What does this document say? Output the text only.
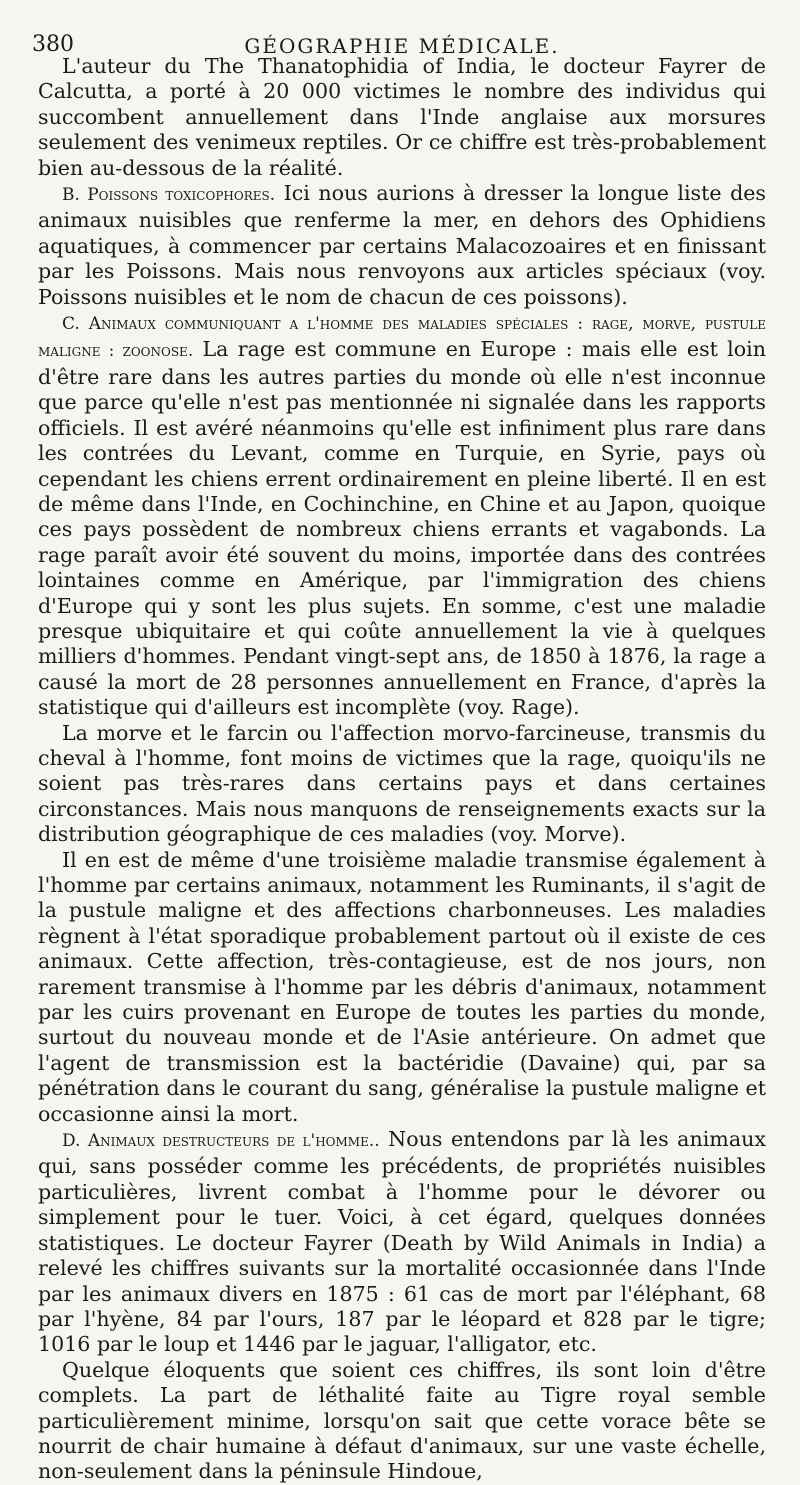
380	GÉOGRAPHIE MÉDICALE.

L'auteur du The Thanatophidia of India, le docteur Fayrer de Calcutta, a porté à 20 000 victimes le nombre des individus qui succombent annuellement dans l'Inde anglaise aux morsures seulement des venimeux reptiles. Or ce chiffre est très-probablement bien au-dessous de la réalité.

B. Poissons toxicophores. Ici nous aurions à dresser la longue liste des animaux nuisibles que renferme la mer, en dehors des Ophidiens aquatiques, à commencer par certains Malacozoaires et en finissant par les Poissons. Mais nous renvoyons aux articles spéciaux (voy. Poissons nuisibles et le nom de chacun de ces poissons).

C. Animaux communiquant a l'homme des maladies spéciales : rage, morve, pustule maligne : zoonose. La rage est commune en Europe : mais elle est loin d'être rare dans les autres parties du monde où elle n'est inconnue que parce qu'elle n'est pas mentionnée ni signalée dans les rapports officiels. Il est avéré néanmoins qu'elle est infiniment plus rare dans les contrées du Levant, comme en Turquie, en Syrie, pays où cependant les chiens errent ordinairement en pleine liberté. Il en est de même dans l'Inde, en Cochinchine, en Chine et au Japon, quoique ces pays possèdent de nombreux chiens errants et vagabonds. La rage paraît avoir été souvent du moins, importée dans des contrées lointaines comme en Amérique, par l'immigration des chiens d'Europe qui y sont les plus sujets. En somme, c'est une maladie presque ubiquitaire et qui coûte annuellement la vie à quelques milliers d'hommes. Pendant vingt-sept ans, de 1850 à 1876, la rage a causé la mort de 28 personnes annuellement en France, d'après la statistique qui d'ailleurs est incomplète (voy. Rage).

La morve et le farcin ou l'affection morvo-farcineuse, transmis du cheval à l'homme, font moins de victimes que la rage, quoiqu'ils ne soient pas très-rares dans certains pays et dans certaines circonstances. Mais nous manquons de renseignements exacts sur la distribution géographique de ces maladies (voy. Morve).

Il en est de même d'une troisième maladie transmise également à l'homme par certains animaux, notamment les Ruminants, il s'agit de la pustule maligne et des affections charbonneuses. Les maladies règnent à l'état sporadique probablement partout où il existe de ces animaux. Cette affection, très-contagieuse, est de nos jours, non rarement transmise à l'homme par les débris d'animaux, notamment par les cuirs provenant en Europe de toutes les parties du monde, surtout du nouveau monde et de l'Asie antérieure. On admet que l'agent de transmission est la bactéridie (Davaine) qui, par sa pénétration dans le courant du sang, généralise la pustule maligne et occasionne ainsi la mort.

D. Animaux destructeurs de l'homme.. Nous entendons par là les animaux qui, sans posséder comme les précédents, de propriétés nuisibles particulières, livrent combat à l'homme pour le dévorer ou simplement pour le tuer. Voici, à cet égard, quelques données statistiques. Le docteur Fayrer (Death by Wild Animals in India) a relevé les chiffres suivants sur la mortalité occasionnée dans l'Inde par les animaux divers en 1875 : 61 cas de mort par l'éléphant, 68 par l'hyène, 84 par l'ours, 187 par le léopard et 828 par le tigre; 1016 par le loup et 1446 par le jaguar, l'alligator, etc.

Quelque éloquents que soient ces chiffres, ils sont loin d'être complets. La part de léthalité faite au Tigre royal semble particulièrement minime, lorsqu'on sait que cette vorace bête se nourrit de chair humaine à défaut d'animaux, sur une vaste échelle, non-seulement dans la péninsule Hindoue,
